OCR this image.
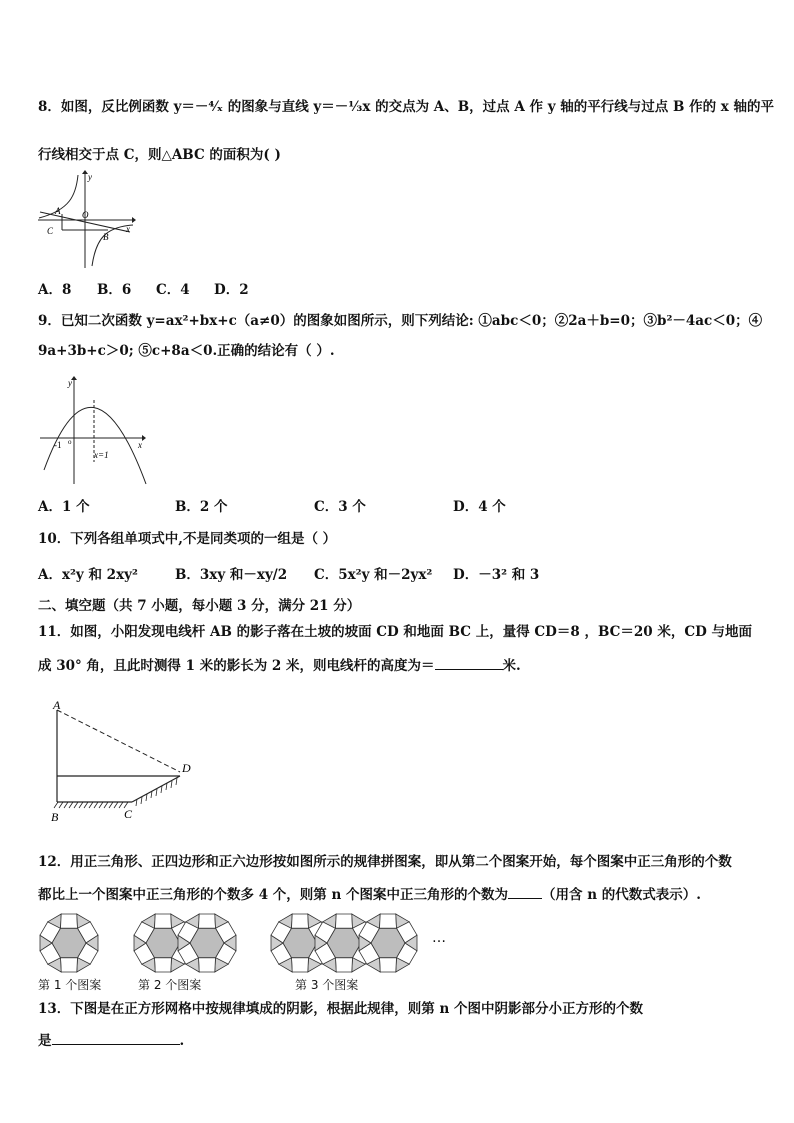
8．如图，反比例函数 y＝－⁴⁄ₓ 的图象与直线 y＝－¹⁄₃x 的交点为 A、B，过点 A 作 y 轴的平行线与过点 B 作的 x 轴的平
行线相交于点 C，则△ABC 的面积为( )
y
x
O
A
B
C
A．8 B．6 C．4 D．2
9．已知二次函数 y=ax²+bx+c（a≠0）的图象如图所示，则下列结论: ①abc＜0；②2a＋b=0；③b²－4ac＜0；④
9a+3b+c＞0; ⑤c+8a＜0.正确的结论有（ ）.
y
x
-1 o
x=1
A．1 个	B．2 个	C．3 个	D．4 个
10．下列各组单项式中,不是同类项的一组是（ ）
A．x²y 和 2xy²	B．3xy 和－xy/2 C．5x²y 和－2yx² D．－3² 和 3
二、填空题（共 7 小题，每小题 3 分，满分 21 分）
11．如图，小阳发现电线杆 AB 的影子落在土坡的坡面 CD 和地面 BC 上，量得 CD＝8 ，BC＝20 米，CD 与地面
成 30° 角，且此时测得 1 米的影长为 2 米，则电线杆的高度为＝	米.
A
B	C
D
12．用正三角形、正四边形和正六边形按如图所示的规律拼图案，即从第二个图案开始，每个图案中正三角形的个数
都比上一个图案中正三角形的个数多 4 个，则第 n 个图案中正三角形的个数为	（用含 n 的代数式表示）.
第 1 个图案	第 2 个图案	第 3 个图案
…
13．下图是在正方形网格中按规律填成的阴影，根据此规律，则第 n 个图中阴影部分小正方形的个数
是	.
